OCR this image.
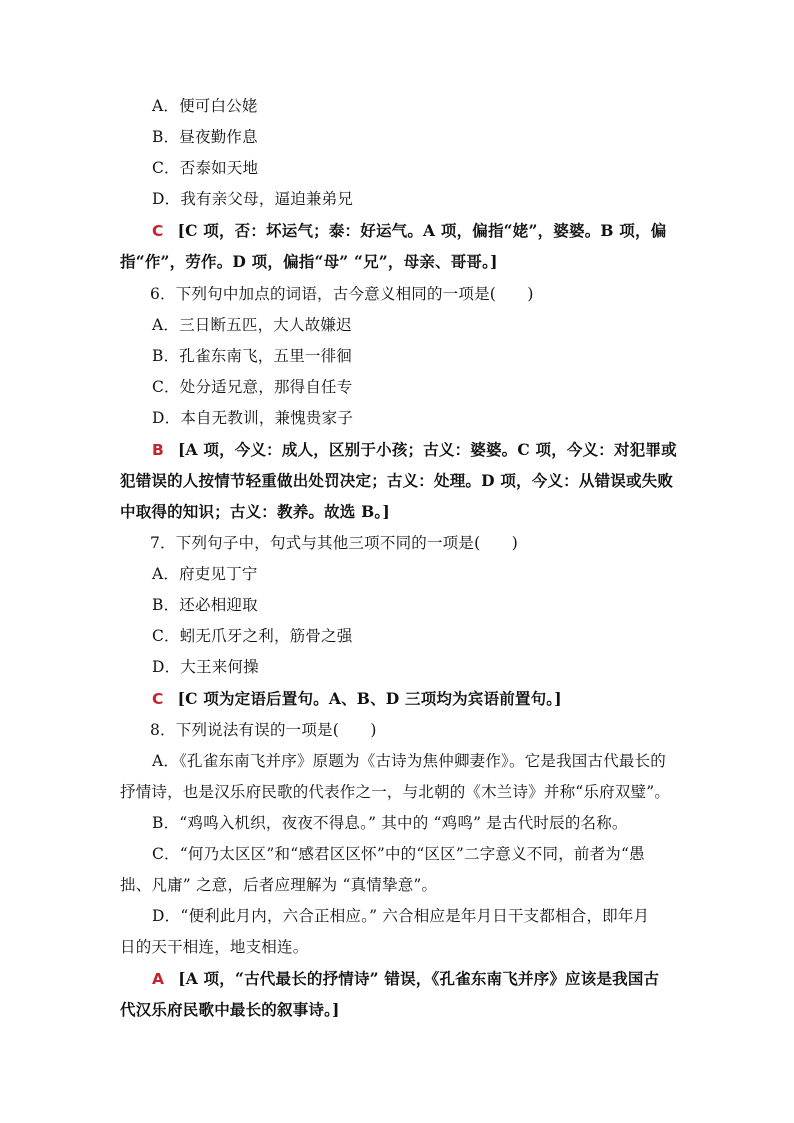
A．便可白公姥
B．昼夜勤作息
C．否泰如天地
D．我有亲父母，逼迫兼弟兄
C [C 项，否：坏运气；泰：好运气。A 项，偏指“姥”，婆婆。B 项，偏
指“作”，劳作。D 项，偏指“母” “兄”，母亲、哥哥。]
6．下列句中加点的词语，古今意义相同的一项是(　　)
A．三日断五匹，大人故嫌迟
B．孔雀东南飞，五里一徘徊
C．处分适兄意，那得自任专
D．本自无教训，兼愧贵家子
B [A 项，今义：成人，区别于小孩；古义：婆婆。C 项，今义：对犯罪或
犯错误的人按情节轻重做出处罚决定；古义：处理。D 项，今义：从错误或失败
中取得的知识；古义：教养。故选 B。]
7．下列句子中，句式与其他三项不同的一项是(　　)
A．府吏见丁宁
B．还必相迎取
C．蚓无爪牙之利，筋骨之强
D．大王来何操
C [C 项为定语后置句。A、B、D 三项均为宾语前置句。]
8．下列说法有误的一项是(　　)
A．《孔雀东南飞并序》原题为《古诗为焦仲卿妻作》。它是我国古代最长的
抒情诗，也是汉乐府民歌的代表作之一，与北朝的《木兰诗》并称“乐府双璧”。
B．“鸡鸣入机织，夜夜不得息。” 其中的 “鸡鸣” 是古代时辰的名称。
C．“何乃太区区”和“感君区区怀”中的“区区”二字意义不同，前者为“愚
拙、凡庸” 之意，后者应理解为 “真情挚意”。
D．“便利此月内，六合正相应。” 六合相应是年月日干支都相合，即年月
日的天干相连，地支相连。
A [A 项，“古代最长的抒情诗” 错误，《孔雀东南飞并序》应该是我国古
代汉乐府民歌中最长的叙事诗。]
